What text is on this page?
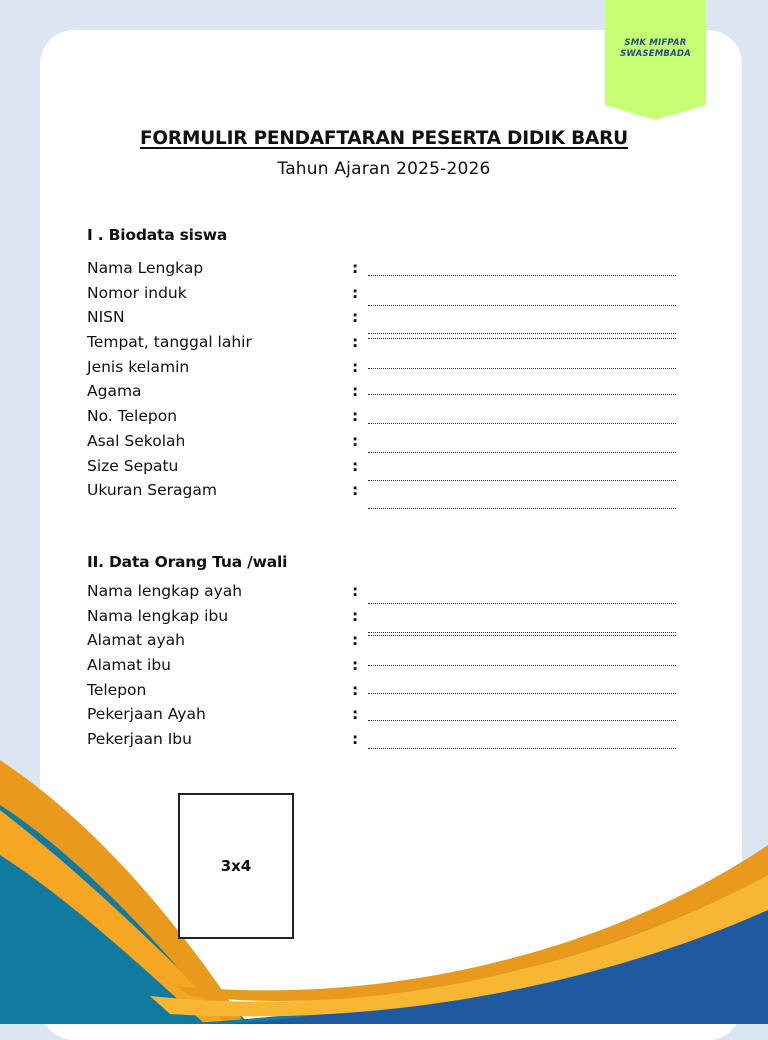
SMK MIFPAR
SWASEMBADA
FORMULIR PENDAFTARAN PESERTA DIDIK BARU
Tahun Ajaran 2025-2026
I . Biodata siswa
Nama Lengkap	:
Nomor induk	:
NISN	:
Tempat, tanggal lahir	:
Jenis kelamin	:
Agama	:
No. Telepon	:
Asal Sekolah	:
Size Sepatu	:
Ukuran Seragam	:
II. Data Orang Tua /wali
Nama lengkap ayah	:
Nama lengkap ibu	:
Alamat ayah	:
Alamat ibu	:
Telepon	:
Pekerjaan Ayah	:
Pekerjaan Ibu	:
3x4
